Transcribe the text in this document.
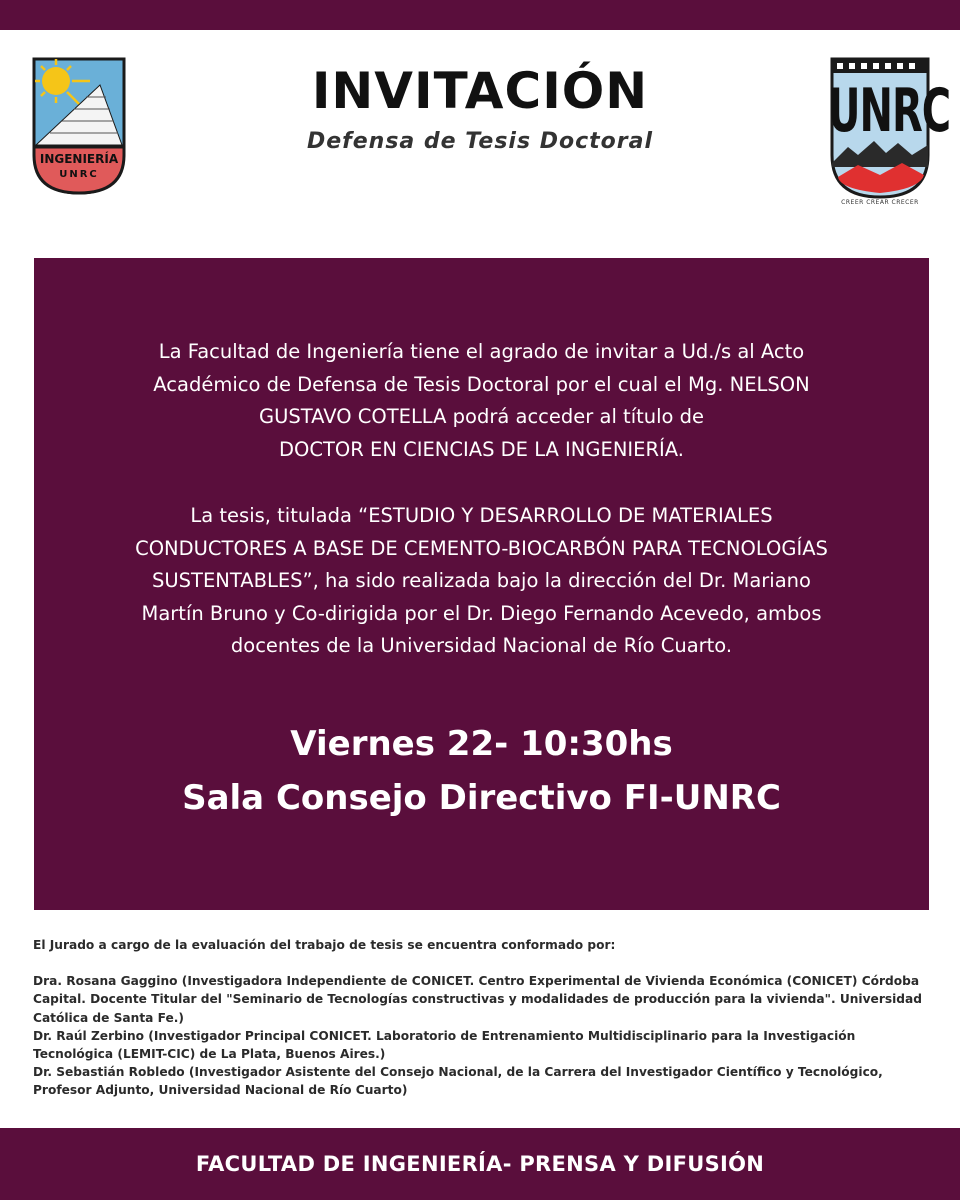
INGENIERÍA
UNRC
UNRC
CREER CREAR CRECER
INVITACIÓN
Defensa de Tesis Doctoral
La Facultad de Ingeniería tiene el agrado de invitar a Ud./s al Acto
Académico de Defensa de Tesis Doctoral por el cual el Mg. NELSON
GUSTAVO COTELLA podrá acceder al título de
DOCTOR EN CIENCIAS DE LA INGENIERÍA.
La tesis, titulada “ESTUDIO Y DESARROLLO DE MATERIALES
CONDUCTORES A BASE DE CEMENTO-BIOCARBÓN PARA TECNOLOGÍAS
SUSTENTABLES”, ha sido realizada bajo la dirección del Dr. Mariano
Martín Bruno y Co-dirigida por el Dr. Diego Fernando Acevedo, ambos
docentes de la Universidad Nacional de Río Cuarto.
Viernes 22- 10:30hs
Sala Consejo Directivo FI-UNRC
El Jurado a cargo de la evaluación del trabajo de tesis se encuentra conformado por:
Dra. Rosana Gaggino (Investigadora Independiente de CONICET. Centro Experimental de Vivienda Económica (CONICET) Córdoba
Capital. Docente Titular del "Seminario de Tecnologías constructivas y modalidades de producción para la vivienda". Universidad
Católica de Santa Fe.)
Dr. Raúl Zerbino (Investigador Principal CONICET. Laboratorio de Entrenamiento Multidisciplinario para la Investigación
Tecnológica (LEMIT-CIC) de La Plata, Buenos Aires.)
Dr. Sebastián Robledo (Investigador Asistente del Consejo Nacional, de la Carrera del Investigador Científico y Tecnológico,
Profesor Adjunto, Universidad Nacional de Río Cuarto)
FACULTAD DE INGENIERÍA- PRENSA Y DIFUSIÓN
